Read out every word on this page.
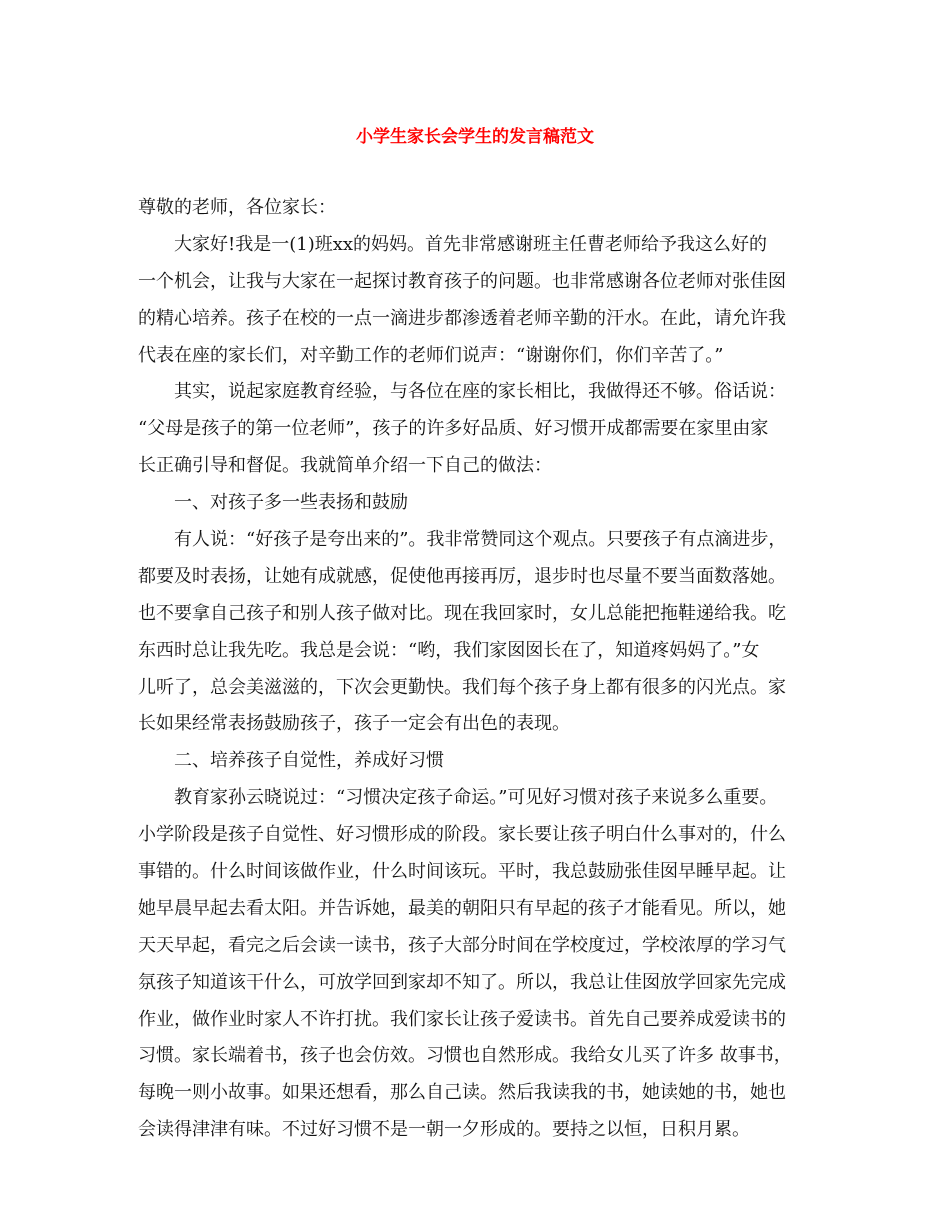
小学生家长会学生的发言稿范文
尊敬的老师，各位家长：
大家好!我是一(1)班xx的妈妈。首先非常感谢班主任曹老师给予我这么好的
一个机会，让我与大家在一起探讨教育孩子的问题。也非常感谢各位老师对张佳囡
的精心培养。孩子在校的一点一滴进步都渗透着老师辛勤的汗水。在此，请允许我
代表在座的家长们，对辛勤工作的老师们说声：“谢谢你们，你们辛苦了。”
其实，说起家庭教育经验，与各位在座的家长相比，我做得还不够。俗话说：
“父母是孩子的第一位老师”，孩子的许多好品质、好习惯开成都需要在家里由家
长正确引导和督促。我就简单介绍一下自己的做法：
一、对孩子多一些表扬和鼓励
有人说：“好孩子是夸出来的”。我非常赞同这个观点。只要孩子有点滴进步，
都要及时表扬，让她有成就感，促使他再接再厉，退步时也尽量不要当面数落她。
也不要拿自己孩子和别人孩子做对比。现在我回家时，女儿总能把拖鞋递给我。吃
东西时总让我先吃。我总是会说：“哟，我们家囡囡长在了，知道疼妈妈了。”女
儿听了，总会美滋滋的，下次会更勤快。我们每个孩子身上都有很多的闪光点。家
长如果经常表扬鼓励孩子，孩子一定会有出色的表现。
二、培养孩子自觉性，养成好习惯
教育家孙云晓说过：“习惯决定孩子命运。”可见好习惯对孩子来说多么重要。
小学阶段是孩子自觉性、好习惯形成的阶段。家长要让孩子明白什么事对的，什么
事错的。什么时间该做作业，什么时间该玩。平时，我总鼓励张佳囡早睡早起。让
她早晨早起去看太阳。并告诉她，最美的朝阳只有早起的孩子才能看见。所以，她
天天早起，看完之后会读一读书，孩子大部分时间在学校度过，学校浓厚的学习气
氛孩子知道该干什么，可放学回到家却不知了。所以，我总让佳囡放学回家先完成
作业，做作业时家人不许打扰。我们家长让孩子爱读书。首先自己要养成爱读书的
习惯。家长端着书，孩子也会仿效。习惯也自然形成。我给女儿买了许多 故事书，
每晚一则小故事。如果还想看，那么自己读。然后我读我的书，她读她的书，她也
会读得津津有味。不过好习惯不是一朝一夕形成的。要持之以恒，日积月累。
